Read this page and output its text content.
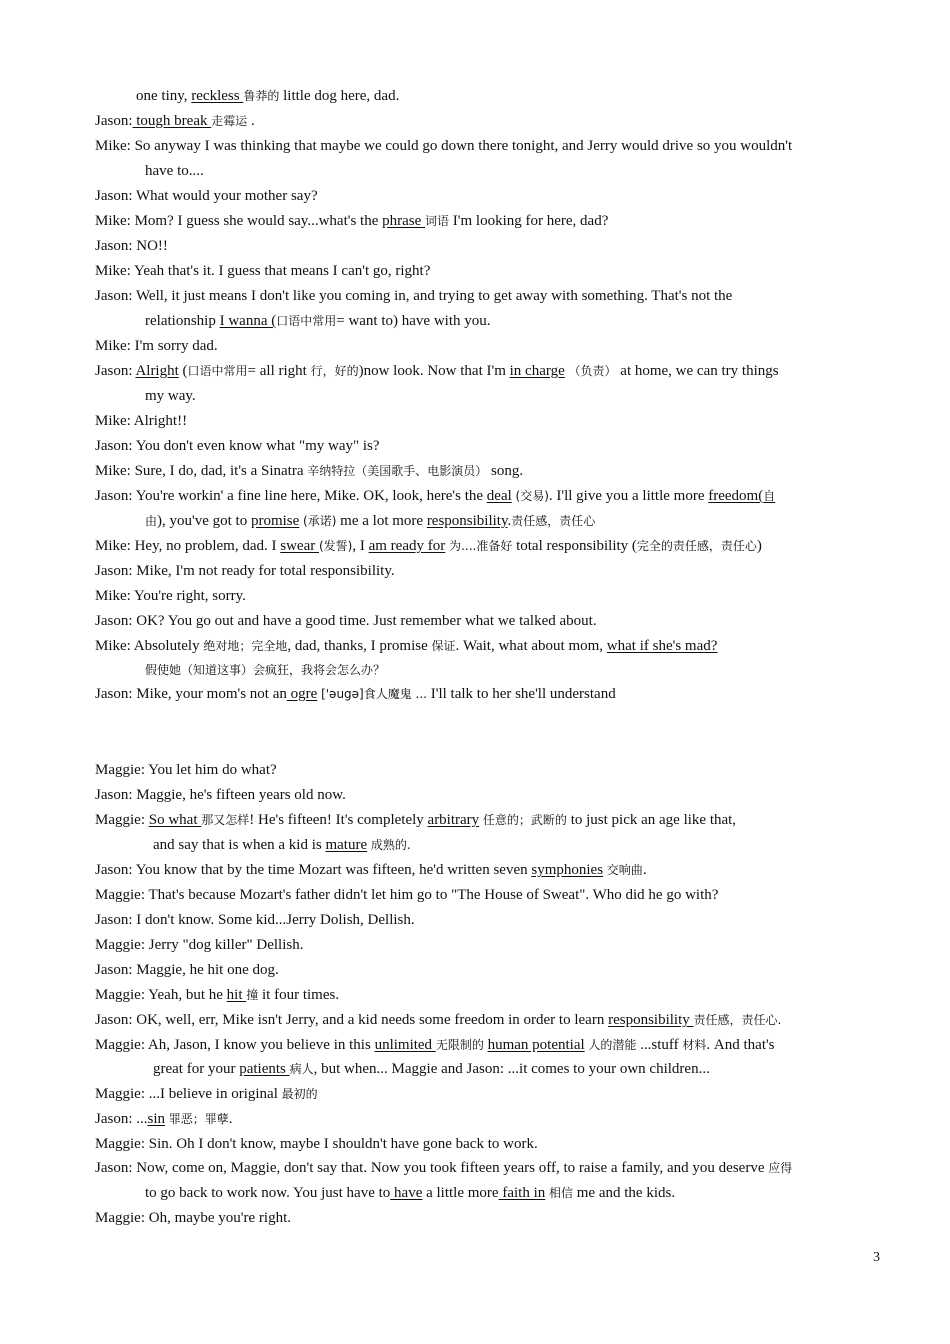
one tiny, reckless 鲁莽的 little dog here, dad.
Jason: tough break 走霉运 .
Mike: So anyway I was thinking that maybe we could go down there tonight, and Jerry would drive so you wouldn't
have to....
Jason: What would your mother say?
Mike: Mom? I guess she would say...what's the phrase 词语 I'm looking for here, dad?
Jason: NO!!
Mike: Yeah that's it. I guess that means I can't go, right?
Jason: Well, it just means I don't like you coming in, and trying to get away with something. That's not the
relationship I wanna (口语中常用= want to) have with you.
Mike: I'm sorry dad.
Jason: Alright (口语中常用= all right 行，好的)now look. Now that I'm in charge （负责） at home, we can try things
my way.
Mike: Alright!!
Jason: You don't even know what "my way" is?
Mike: Sure, I do, dad, it's a Sinatra 辛纳特拉（美国歌手、电影演员） song.
Jason: You're workin' a fine line here, Mike. OK, look, here's the deal (交易). I'll give you a little more freedom(自
由), you've got to promise (承诺) me a lot more responsibility.责任感，责任心
Mike: Hey, no problem, dad. I swear (发誓), I am ready for 为....准备好 total responsibility (完全的责任感，责任心)
Jason: Mike, I'm not ready for total responsibility.
Mike: You're right, sorry.
Jason: OK? You go out and have a good time. Just remember what we talked about.
Mike: Absolutely 绝对地；完全地, dad, thanks, I promise 保证. Wait, what about mom, what if she's mad?
假使她（知道这事）会疯狂，我将会怎么办？
Jason: Mike, your mom's not an ogre ['əugə]食人魔鬼 ... I'll talk to her she'll understand
Maggie: You let him do what?
Jason: Maggie, he's fifteen years old now.
Maggie: So what 那又怎样! He's fifteen! It's completely arbitrary 任意的；武断的 to just pick an age like that,
and say that is when a kid is mature 成熟的.
Jason: You know that by the time Mozart was fifteen, he'd written seven symphonies 交响曲.
Maggie: That's because Mozart's father didn't let him go to "The House of Sweat". Who did he go with?
Jason: I don't know. Some kid...Jerry Dolish, Dellish.
Maggie: Jerry "dog killer" Dellish.
Jason: Maggie, he hit one dog.
Maggie: Yeah, but he hit 撞 it four times.
Jason: OK, well, err, Mike isn't Jerry, and a kid needs some freedom in order to learn responsibility 责任感，责任心.
Maggie: Ah, Jason, I know you believe in this unlimited 无限制的 human potential 人的潜能 ...stuff 材料. And that's
great for your patients 病人, but when... Maggie and Jason: ...it comes to your own children...
Maggie: ...I believe in original 最初的
Jason: ...sin 罪恶；罪孽.
Maggie: Sin. Oh I don't know, maybe I shouldn't have gone back to work.
Jason: Now, come on, Maggie, don't say that. Now you took fifteen years off, to raise a family, and you deserve 应得
to go back to work now. You just have to have a little more faith in 相信 me and the kids.
Maggie: Oh, maybe you're right.
3
